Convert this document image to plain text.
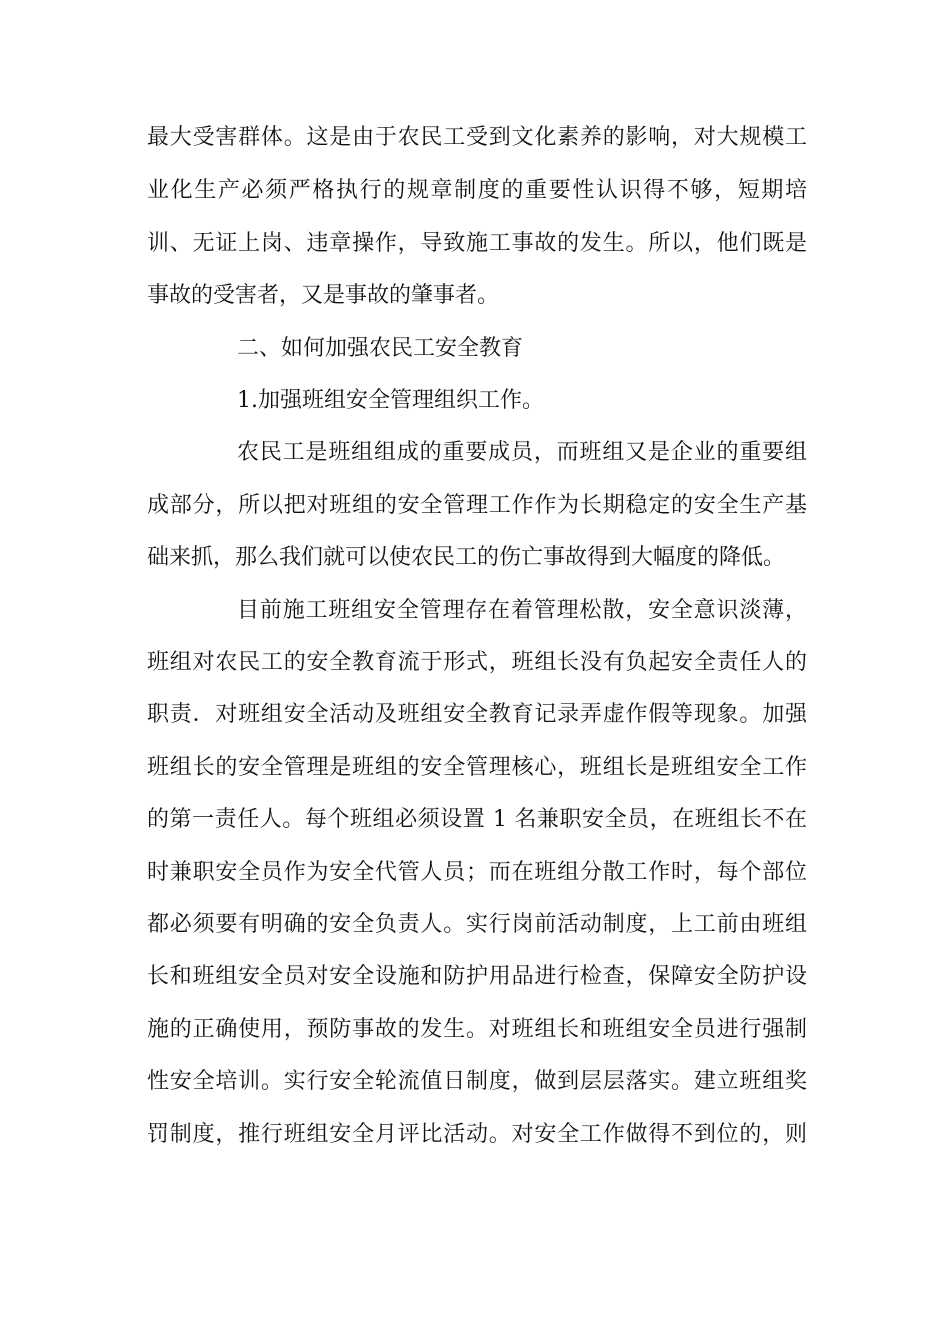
最大受害群体。这是由于农民工受到文化素养的影响，对大规模工
业化生产必须严格执行的规章制度的重要性认识得不够，短期培
训、无证上岗、违章操作，导致施工事故的发生。所以，他们既是
事故的受害者，又是事故的肇事者。
二、如何加强农民工安全教育
1.加强班组安全管理组织工作。
农民工是班组组成的重要成员，而班组又是企业的重要组
成部分，所以把对班组的安全管理工作作为长期稳定的安全生产基
础来抓，那么我们就可以使农民工的伤亡事故得到大幅度的降低。
目前施工班组安全管理存在着管理松散，安全意识淡薄，
班组对农民工的安全教育流于形式，班组长没有负起安全责任人的
职责．对班组安全活动及班组安全教育记录弄虚作假等现象。加强
班组长的安全管理是班组的安全管理核心，班组长是班组安全工作
的第一责任人。每个班组必须设置 1 名兼职安全员，在班组长不在
时兼职安全员作为安全代管人员；而在班组分散工作时，每个部位
都必须要有明确的安全负责人。实行岗前活动制度，上工前由班组
长和班组安全员对安全设施和防护用品进行检查，保障安全防护设
施的正确使用，预防事故的发生。对班组长和班组安全员进行强制
性安全培训。实行安全轮流值日制度，做到层层落实。建立班组奖
罚制度，推行班组安全月评比活动。对安全工作做得不到位的，则
